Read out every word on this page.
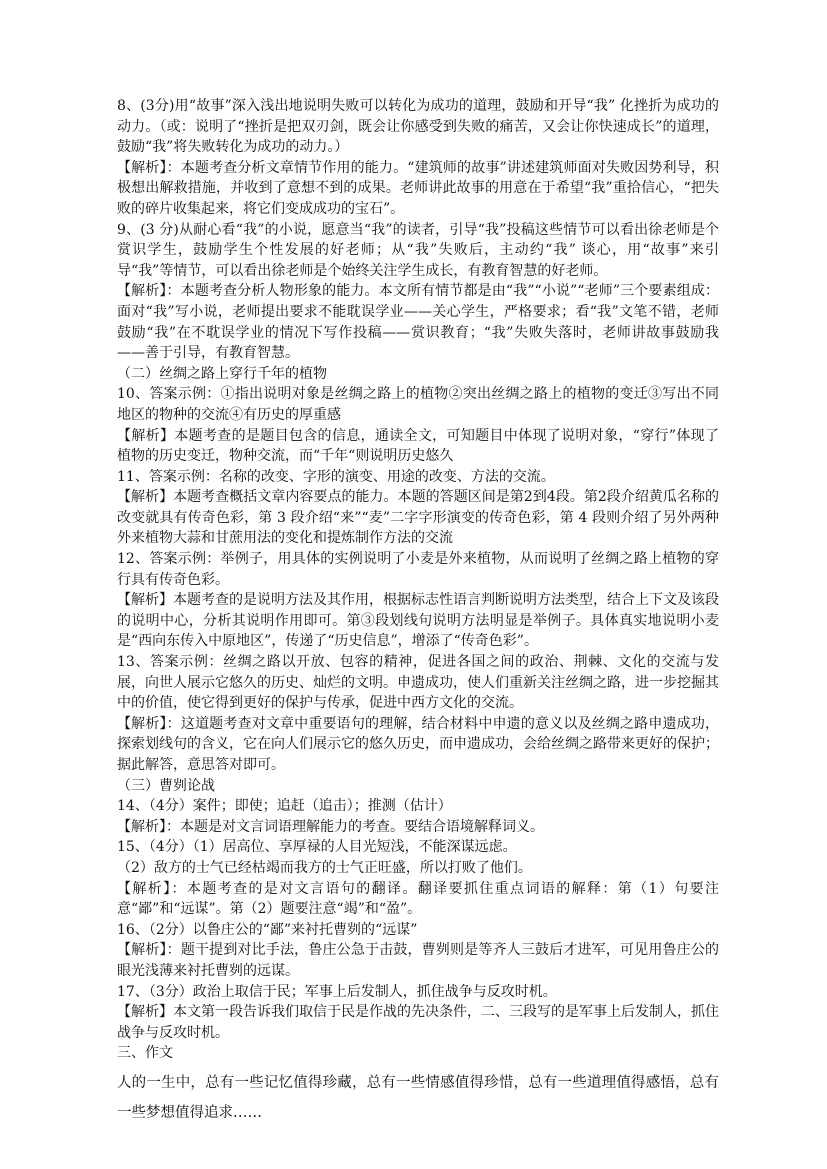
8、(3分)用“故事”深入浅出地说明失败可以转化为成功的道理，鼓励和开导“我” 化挫折为成功的动力。（或：说明了“挫折是把双刃剑，既会让你感受到失败的痛苦，又会让你快速成长”的道理，鼓励“我”将失败转化为成功的动力。）
【解析】：本题考查分析文章情节作用的能力。“建筑师的故事”讲述建筑师面对失败因势利导，积极想出解救措施，并收到了意想不到的成果。老师讲此故事的用意在于希望“我”重拾信心，“把失败的碎片收集起来，将它们变成成功的宝石”。
9、(3 分)从耐心看“我”的小说，愿意当“我”的读者，引导“我”投稿这些情节可以看出徐老师是个赏识学生，鼓励学生个性发展的好老师；从“我”失败后，主动约“我” 谈心，用“故事”来引导“我”等情节，可以看出徐老师是个始终关注学生成长，有教育智慧的好老师。
【解析】：本题考查分析人物形象的能力。本文所有情节都是由“我”“小说”“老师”三个要素组成：面对“我”写小说，老师提出要求不能耽误学业——关心学生，严格要求；看“我”文笔不错，老师鼓励“我”在不耽误学业的情况下写作投稿——赏识教育；“我”失败失落时，老师讲故事鼓励我——善于引导，有教育智慧。
（二）丝绸之路上穿行千年的植物
10、答案示例：①指出说明对象是丝绸之路上的植物②突出丝绸之路上的植物的变迁③写出不同地区的物种的交流④有历史的厚重感
【解析】本题考查的是题目包含的信息，通读全文，可知题目中体现了说明对象，“穿行”体现了植物的历史变迁，物种交流，而“千年“则说明历史悠久
11、答案示例：名称的改变、字形的演变、用途的改变、方法的交流。
【解析】本题考查概括文章内容要点的能力。本题的答题区间是第2到4段。第2段介绍黄瓜名称的改变就具有传奇色彩，第 3 段介绍“来”“麦”二字字形演变的传奇色彩，第 4 段则介绍了另外两种外来植物大蒜和甘蔗用法的变化和提炼制作方法的交流
12、答案示例：举例子，用具体的实例说明了小麦是外来植物，从而说明了丝绸之路上植物的穿行具有传奇色彩。
【解析】本题考查的是说明方法及其作用，根据标志性语言判断说明方法类型，结合上下文及该段的说明中心，分析其说明作用即可。第③段划线句说明方法明显是举例子。具体真实地说明小麦是“西向东传入中原地区”，传递了“历史信息”，增添了“传奇色彩”。
13、答案示例：丝绸之路以开放、包容的精神，促进各国之间的政治、荆棘、文化的交流与发展，向世人展示它悠久的历史、灿烂的文明。申遗成功，使人们重新关注丝绸之路，进一步挖掘其中的价值，使它得到更好的保护与传承，促进中西方文化的交流。
【解析】：这道题考查对文章中重要语句的理解，结合材料中申遗的意义以及丝绸之路申遗成功，探索划线句的含义，它在向人们展示它的悠久历史，而申遗成功，会给丝绸之路带来更好的保护；据此解答，意思答对即可。
（三）曹刿论战
14、（4分）案件；即使；追赶（追击）；推测（估计）
【解析】：本题是对文言词语理解能力的考查。要结合语境解释词义。
15、（4分）（1）居高位、享厚禄的人目光短浅，不能深谋远虑。
（2）敌方的士气已经枯竭而我方的士气正旺盛，所以打败了他们。
【解析】：本题考查的是对文言语句的翻译。翻译要抓住重点词语的解释：第（1）句要注意“鄙”和“远谋”。第（2）题要注意“竭”和“盈”。
16、（2分）以鲁庄公的“鄙”来衬托曹刿的“远谋”
【解析】：题干提到对比手法，鲁庄公急于击鼓，曹刿则是等齐人三鼓后才进军，可见用鲁庄公的眼光浅薄来衬托曹刿的远谋。
17、（3分）政治上取信于民；军事上后发制人，抓住战争与反攻时机。
【解析】本文第一段告诉我们取信于民是作战的先决条件，二、三段写的是军事上后发制人，抓住战争与反攻时机。
三、作文
人的一生中，总有一些记忆值得珍藏，总有一些情感值得珍惜，总有一些道理值得感悟，总有一些梦想值得追求……
